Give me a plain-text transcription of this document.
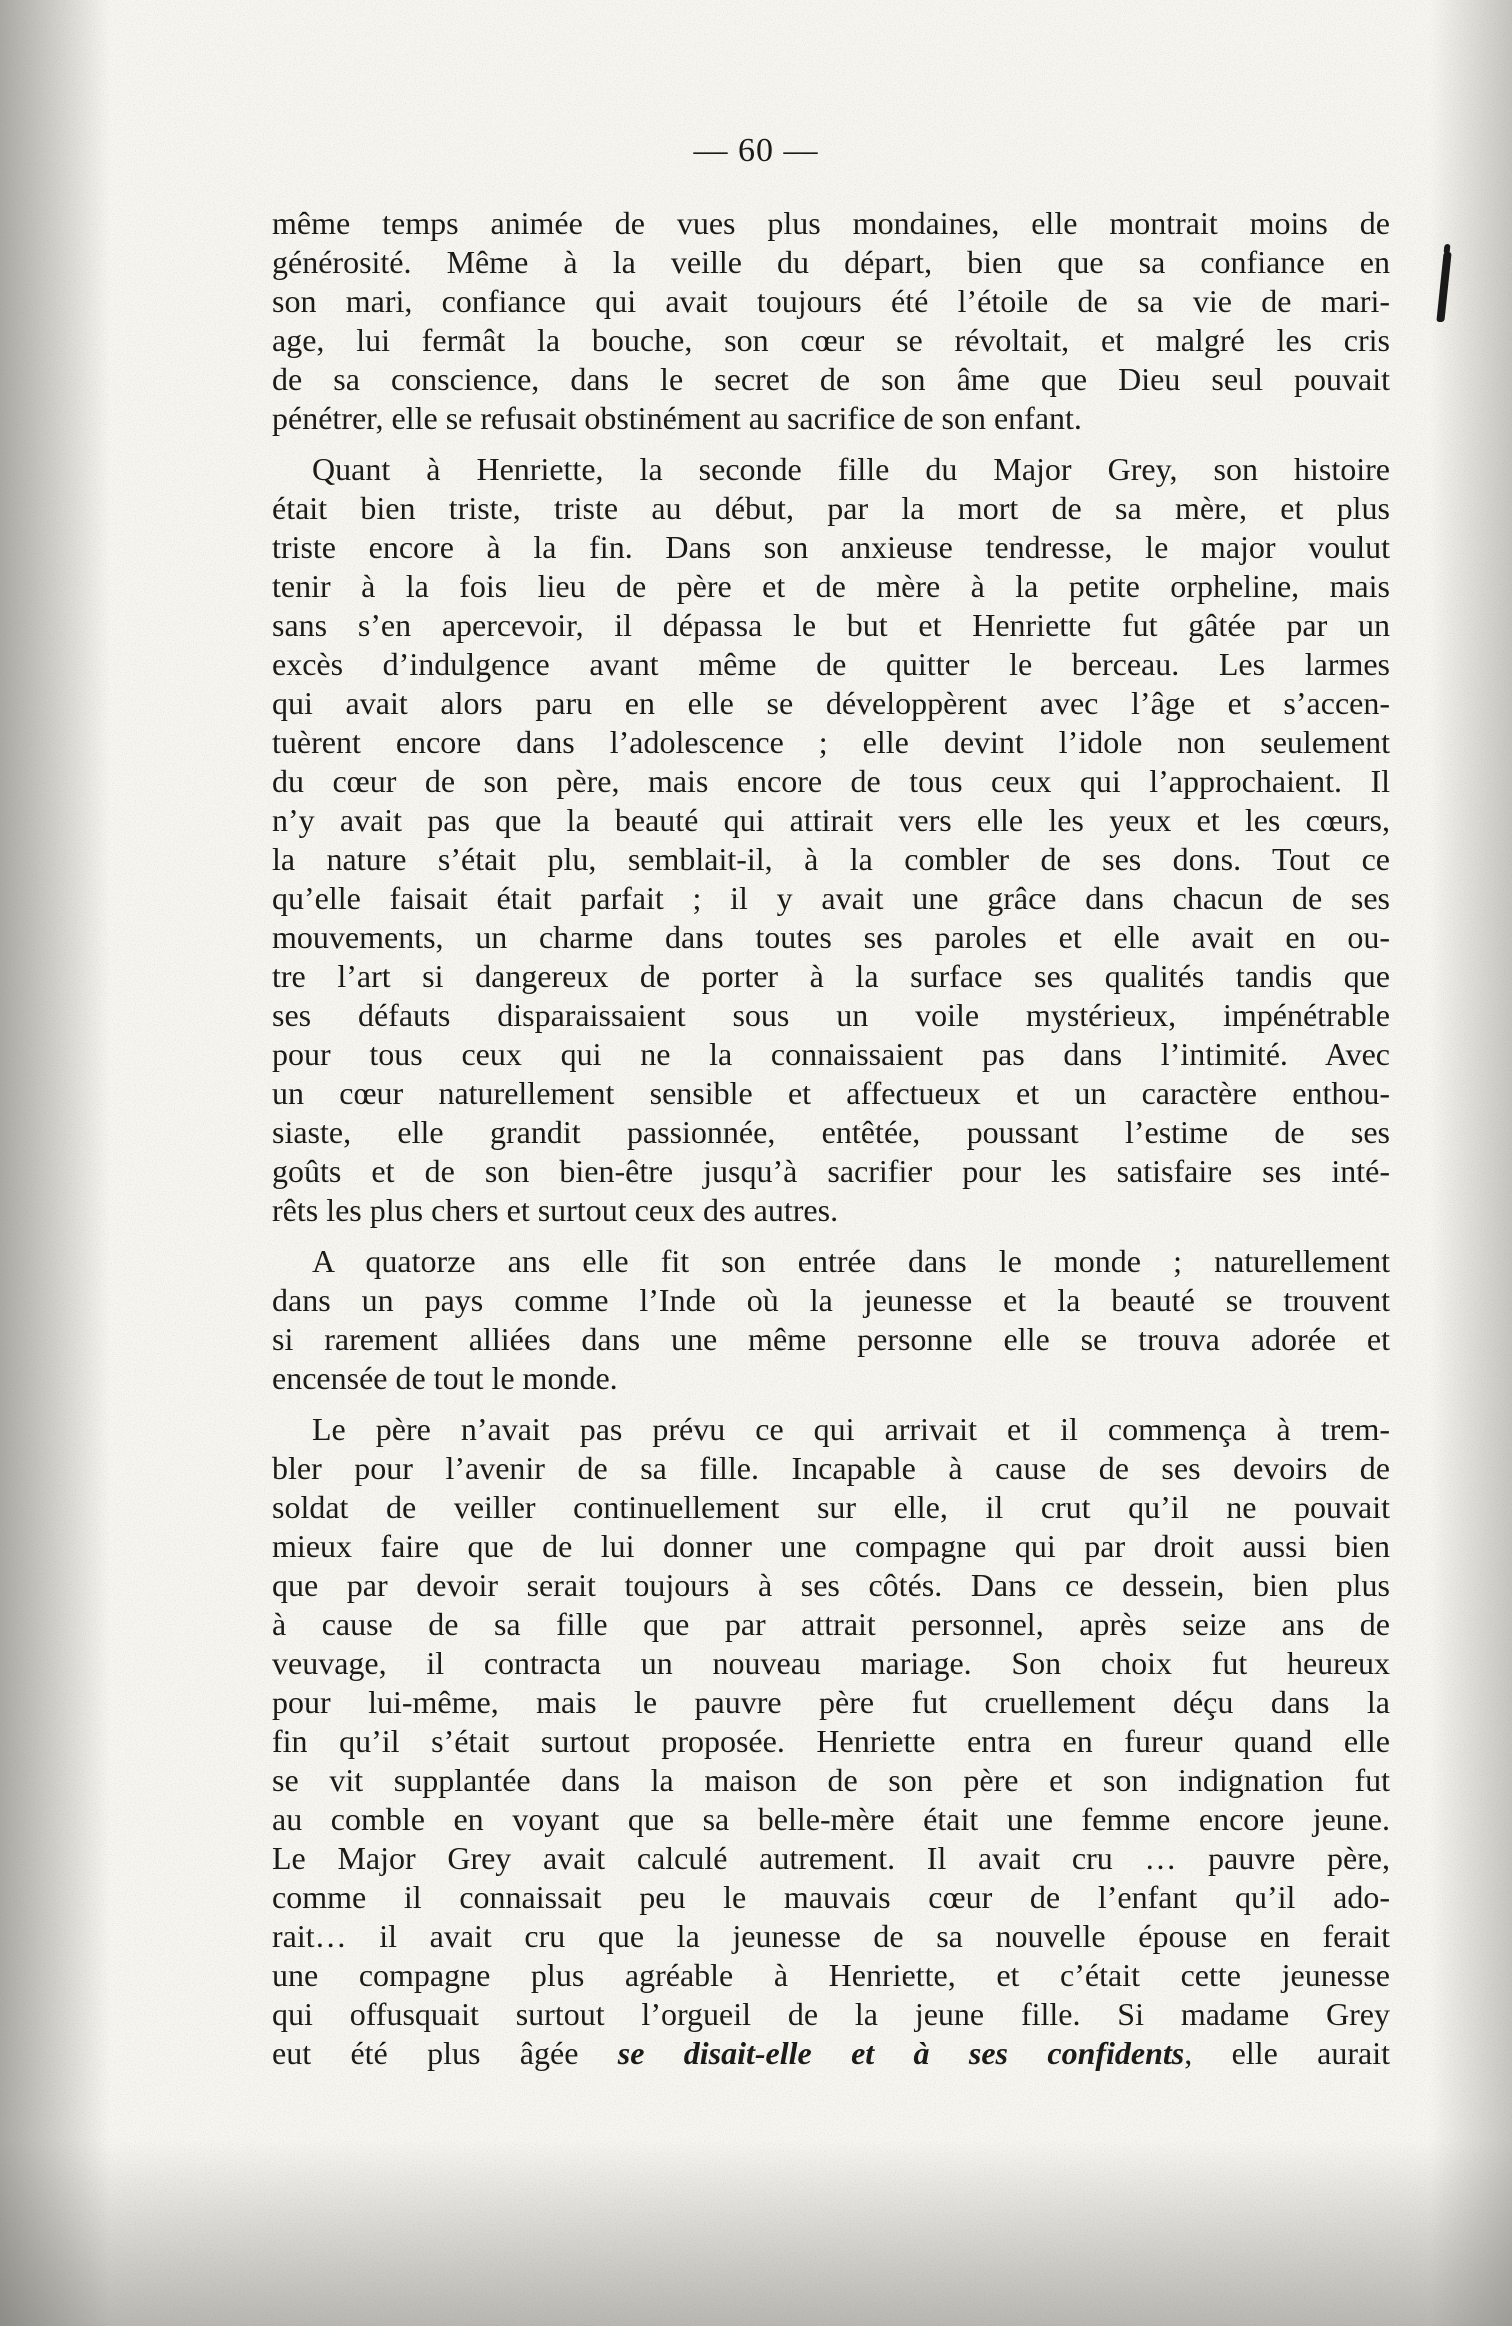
— 60 —
même temps animée de vues plus mondaines, elle montrait moins de
générosité. Même à la veille du départ, bien que sa confiance en
son mari, confiance qui avait toujours été l’étoile de sa vie de mari-
age, lui fermât la bouche, son cœur se révoltait, et malgré les cris
de sa conscience, dans le secret de son âme que Dieu seul pouvait
pénétrer, elle se refusait obstinément au sacrifice de son enfant.
Quant à Henriette, la seconde fille du Major Grey, son histoire
était bien triste, triste au début, par la mort de sa mère, et plus
triste encore à la fin. Dans son anxieuse tendresse, le major voulut
tenir à la fois lieu de père et de mère à la petite orpheline, mais
sans s’en apercevoir, il dépassa le but et Henriette fut gâtée par un
excès d’indulgence avant même de quitter le berceau. Les larmes
qui avait alors paru en elle se développèrent avec l’âge et s’accen-
tuèrent encore dans l’adolescence ; elle devint l’idole non seulement
du cœur de son père, mais encore de tous ceux qui l’approchaient. Il
n’y avait pas que la beauté qui attirait vers elle les yeux et les cœurs,
la nature s’était plu, semblait-il, à la combler de ses dons. Tout ce
qu’elle faisait était parfait ; il y avait une grâce dans chacun de ses
mouvements, un charme dans toutes ses paroles et elle avait en ou-
tre l’art si dangereux de porter à la surface ses qualités tandis que
ses défauts disparaissaient sous un voile mystérieux, impénétrable
pour tous ceux qui ne la connaissaient pas dans l’intimité. Avec
un cœur naturellement sensible et affectueux et un caractère enthou-
siaste, elle grandit passionnée, entêtée, poussant l’estime de ses
goûts et de son bien-être jusqu’à sacrifier pour les satisfaire ses inté-
rêts les plus chers et surtout ceux des autres.
A quatorze ans elle fit son entrée dans le monde ; naturellement
dans un pays comme l’Inde où la jeunesse et la beauté se trouvent
si rarement alliées dans une même personne elle se trouva adorée et
encensée de tout le monde.
Le père n’avait pas prévu ce qui arrivait et il commença à trem-
bler pour l’avenir de sa fille. Incapable à cause de ses devoirs de
soldat de veiller continuellement sur elle, il crut qu’il ne pouvait
mieux faire que de lui donner une compagne qui par droit aussi bien
que par devoir serait toujours à ses côtés. Dans ce dessein, bien plus
à cause de sa fille que par attrait personnel, après seize ans de
veuvage, il contracta un nouveau mariage. Son choix fut heureux
pour lui-même, mais le pauvre père fut cruellement déçu dans la
fin qu’il s’était surtout proposée. Henriette entra en fureur quand elle
se vit supplantée dans la maison de son père et son indignation fut
au comble en voyant que sa belle-mère était une femme encore jeune.
Le Major Grey avait calculé autrement. Il avait cru … pauvre père,
comme il connaissait peu le mauvais cœur de l’enfant qu’il ado-
rait… il avait cru que la jeunesse de sa nouvelle épouse en ferait
une compagne plus agréable à Henriette, et c’était cette jeunesse
qui offusquait surtout l’orgueil de la jeune fille. Si madame Grey
eut été plus âgée se disait-elle et à ses confidents, elle aurait
